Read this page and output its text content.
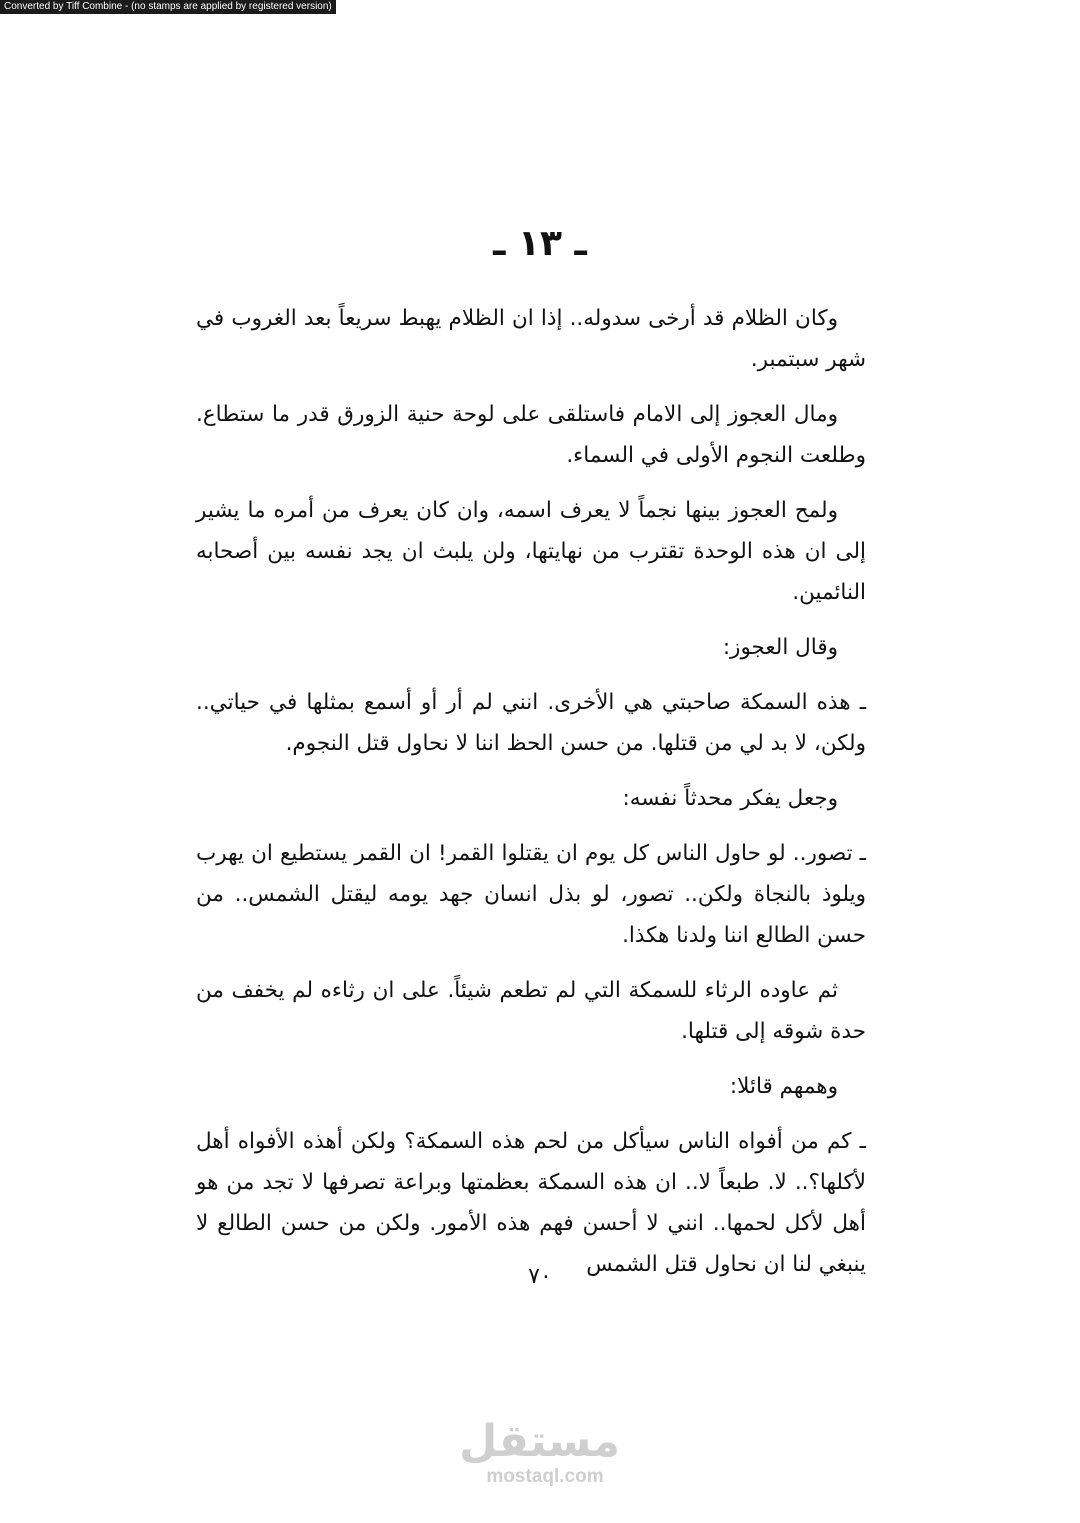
Converted by Tiff Combine - (no stamps are applied by registered version)
ـ ١٣ ـ

وكان الظلام قد أرخى سدوله.. إذا ان الظلام يهبط سريعاً بعد الغروب في شهر سبتمبر.

ومال العجوز إلى الامام فاستلقى على لوحة حنية الزورق قدر ما ستطاع. وطلعت النجوم الأولى في السماء.

ولمح العجوز بينها نجماً لا يعرف اسمه، وان كان يعرف من أمره ما يشير إلى ان هذه الوحدة تقترب من نهايتها، ولن يلبث ان يجد نفسه بين أصحابه النائمين.

وقال العجوز:

ـ هذه السمكة صاحبتي هي الأخرى. انني لم أر أو أسمع بمثلها في حياتي.. ولكن، لا بد لي من قتلها. من حسن الحظ اننا لا نحاول قتل النجوم.

وجعل يفكر محدثاً نفسه:

ـ تصور.. لو حاول الناس كل يوم ان يقتلوا القمر! ان القمر يستطيع ان يهرب ويلوذ بالنجاة ولكن.. تصور، لو بذل انسان جهد يومه ليقتل الشمس.. من حسن الطالع اننا ولدنا هكذا.

ثم عاوده الرثاء للسمكة التي لم تطعم شيئاً. على ان رثاءه لم يخفف من حدة شوقه إلى قتلها.

وهمهم قائلا:

ـ كم من أفواه الناس سيأكل من لحم هذه السمكة؟ ولكن أهذه الأفواه أهل لأكلها؟.. لا. طبعاً لا.. ان هذه السمكة بعظمتها وبراعة تصرفها لا تجد من هو أهل لأكل لحمها.. انني لا أحسن فهم هذه الأمور. ولكن من حسن الطالع لا ينبغي لنا ان نحاول قتل الشمس

٧٠
مستقل
mostaql.com
